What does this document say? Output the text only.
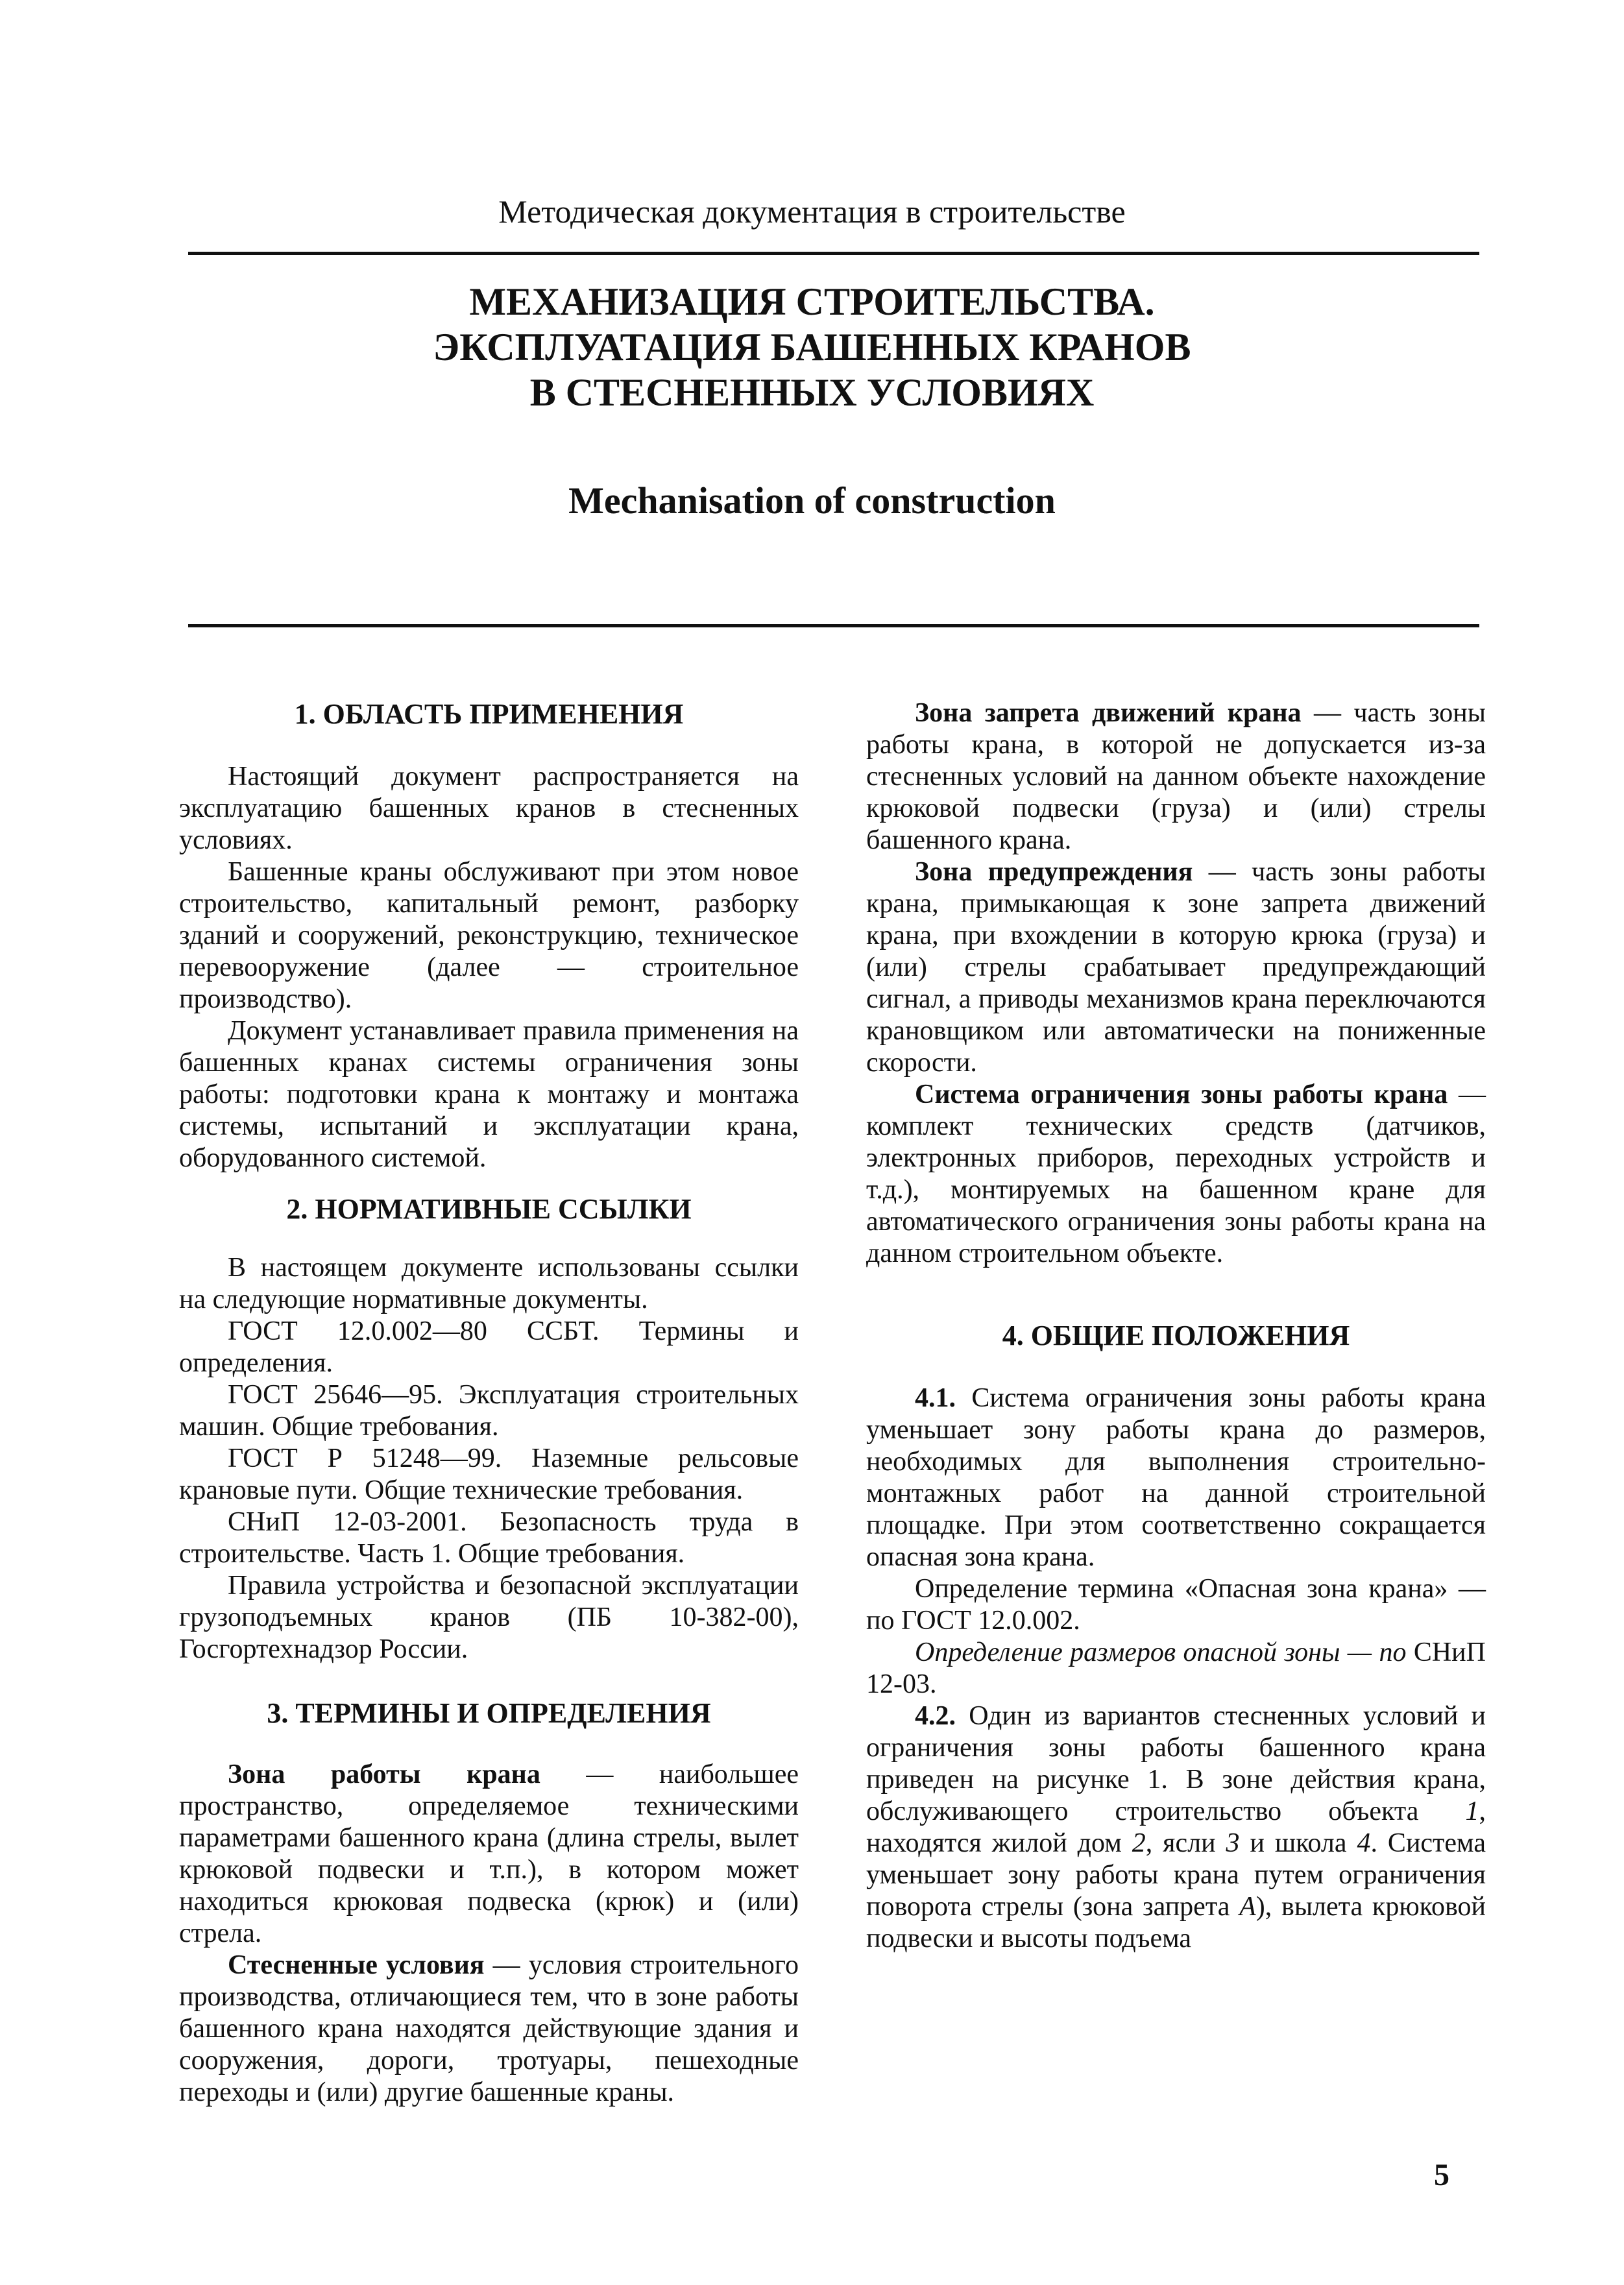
Методическая документация в строительстве
МЕХАНИЗАЦИЯ СТРОИТЕЛЬСТВА.
ЭКСПЛУАТАЦИЯ БАШЕННЫХ КРАНОВ
В СТЕСНЕННЫХ УСЛОВИЯХ
Mechanisation of construction

1. ОБЛАСТЬ ПРИМЕНЕНИЯ

Настоящий документ распространяется на эксплуатацию башенных кранов в стесненных условиях.

Башенные краны обслуживают при этом новое строительство, капитальный ремонт, разборку зданий и сооружений, реконструкцию, техническое перевооружение (далее — строительное производство).

Документ устанавливает правила применения на башенных кранах системы ограничения зоны работы: подготовки крана к монтажу и монтажа системы, испытаний и эксплуатации крана, оборудованного системой.

2. НОРМАТИВНЫЕ ССЫЛКИ

В настоящем документе использованы ссылки на следующие нормативные документы.

ГОСТ 12.0.002—80 ССБТ. Термины и определения.

ГОСТ 25646—95. Эксплуатация строительных машин. Общие требования.

ГОСТ Р 51248—99. Наземные рельсовые крановые пути. Общие технические требования.

СНиП 12-03-2001. Безопасность труда в строительстве. Часть 1. Общие требования.

Правила устройства и безопасной эксплуатации грузоподъемных кранов (ПБ 10-382-00), Госгортехнадзор России.

3. ТЕРМИНЫ И ОПРЕДЕЛЕНИЯ

Зона работы крана — наибольшее пространство, определяемое техническими параметрами башенного крана (длина стрелы, вылет крюковой подвески и т.п.), в котором может находиться крюковая подвеска (крюк) и (или) стрела.

Стесненные условия — условия строительного производства, отличающиеся тем, что в зоне работы башенного крана находятся действующие здания и сооружения, дороги, тротуары, пешеходные переходы и (или) другие башенные краны.

Зона запрета движений крана — часть зоны работы крана, в которой не допускается из-за стесненных условий на данном объекте нахождение крюковой подвески (груза) и (или) стрелы башенного крана.

Зона предупреждения — часть зоны работы крана, примыкающая к зоне запрета движений крана, при вхождении в которую крюка (груза) и (или) стрелы срабатывает предупреждающий сигнал, а приводы механизмов крана переключаются крановщиком или автоматически на пониженные скорости.

Система ограничения зоны работы крана — комплект технических средств (датчиков, электронных приборов, переходных устройств и т.д.), монтируемых на башенном кране для автоматического ограничения зоны работы крана на данном строительном объекте.

4. ОБЩИЕ ПОЛОЖЕНИЯ

4.1. Система ограничения зоны работы крана уменьшает зону работы крана до размеров, необходимых для выполнения строительно-монтажных работ на данной строительной площадке. При этом соответственно сокращается опасная зона крана.

Определение термина «Опасная зона крана» — по ГОСТ 12.0.002.

Определение размеров опасной зоны — по СНиП 12-03.

4.2. Один из вариантов стесненных условий и ограничения зоны работы башенного крана приведен на рисунке 1. В зоне действия крана, обслуживающего строительство объекта 1, находятся жилой дом 2, ясли 3 и школа 4. Система уменьшает зону работы крана путем ограничения поворота стрелы (зона запрета А), вылета крюковой подвески и высоты подъема

5
